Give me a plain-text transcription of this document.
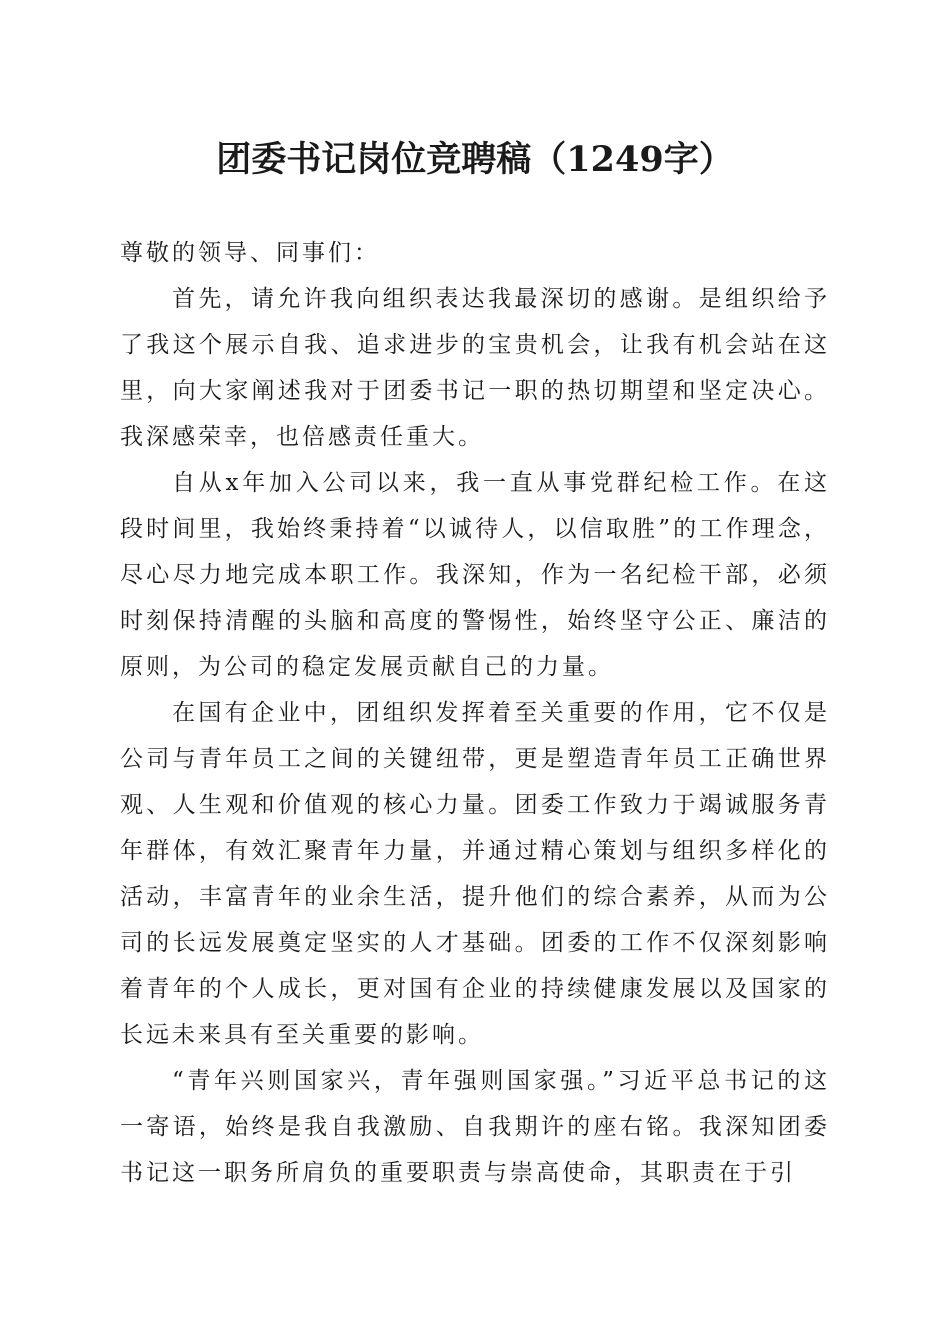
团委书记岗位竞聘稿（1249字）

尊敬的领导、同事们：

首先，请允许我向组织表达我最深切的感谢。是组织给予了我这个展示自我、追求进步的宝贵机会，让我有机会站在这里，向大家阐述我对于团委书记一职的热切期望和坚定决心。我深感荣幸，也倍感责任重大。

自从x年加入公司以来，我一直从事党群纪检工作。在这段时间里，我始终秉持着“以诚待人，以信取胜”的工作理念，尽心尽力地完成本职工作。我深知，作为一名纪检干部，必须时刻保持清醒的头脑和高度的警惕性，始终坚守公正、廉洁的原则，为公司的稳定发展贡献自己的力量。

在国有企业中，团组织发挥着至关重要的作用，它不仅是公司与青年员工之间的关键纽带，更是塑造青年员工正确世界观、人生观和价值观的核心力量。团委工作致力于竭诚服务青年群体，有效汇聚青年力量，并通过精心策划与组织多样化的活动，丰富青年的业余生活，提升他们的综合素养，从而为公司的长远发展奠定坚实的人才基础。团委的工作不仅深刻影响着青年的个人成长，更对国有企业的持续健康发展以及国家的长远未来具有至关重要的影响。

“青年兴则国家兴，青年强则国家强。”习近平总书记的这一寄语，始终是我自我激励、自我期许的座右铭。我深知团委书记这一职务所肩负的重要职责与崇高使命，其职责在于引
